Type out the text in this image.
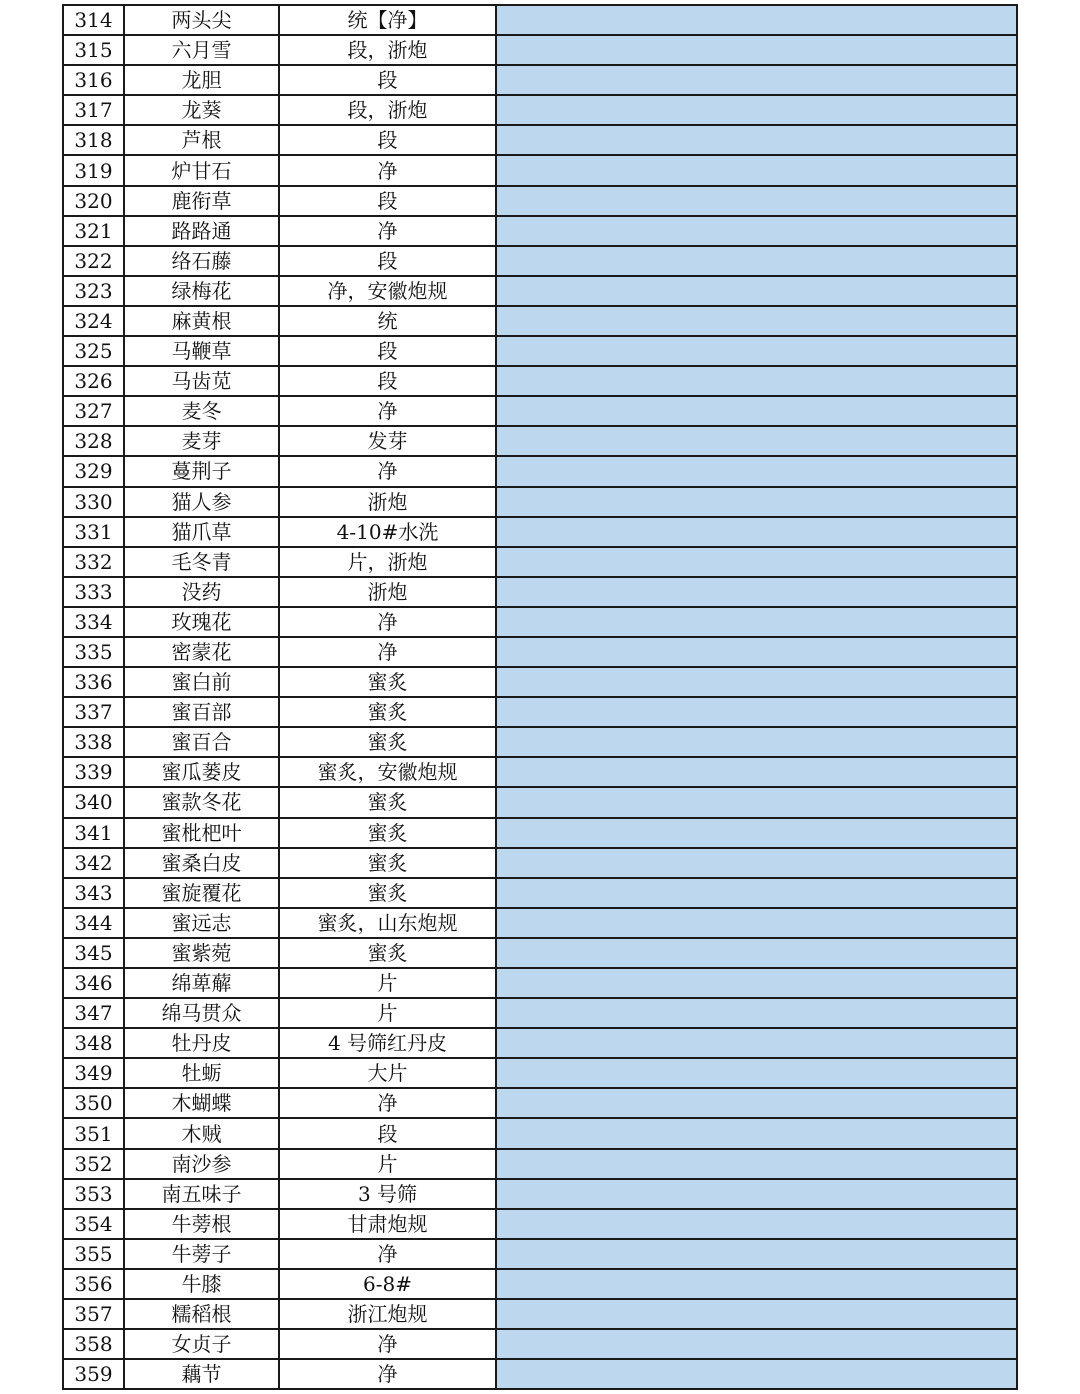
314	两头尖	统【净】	
315	六月雪	段，浙炮	
316	龙胆	段	
317	龙葵	段，浙炮	
318	芦根	段	
319	炉甘石	净	
320	鹿衔草	段	
321	路路通	净	
322	络石藤	段	
323	绿梅花	净，安徽炮规	
324	麻黄根	统	
325	马鞭草	段	
326	马齿苋	段	
327	麦冬	净	
328	麦芽	发芽	
329	蔓荆子	净	
330	猫人参	浙炮	
331	猫爪草	4-10#水洗	
332	毛冬青	片，浙炮	
333	没药	浙炮	
334	玫瑰花	净	
335	密蒙花	净	
336	蜜白前	蜜炙	
337	蜜百部	蜜炙	
338	蜜百合	蜜炙	
339	蜜瓜蒌皮	蜜炙，安徽炮规	
340	蜜款冬花	蜜炙	
341	蜜枇杷叶	蜜炙	
342	蜜桑白皮	蜜炙	
343	蜜旋覆花	蜜炙	
344	蜜远志	蜜炙，山东炮规	
345	蜜紫菀	蜜炙	
346	绵萆薢	片	
347	绵马贯众	片	
348	牡丹皮	4 号筛红丹皮	
349	牡蛎	大片	
350	木蝴蝶	净	
351	木贼	段	
352	南沙参	片	
353	南五味子	3 号筛	
354	牛蒡根	甘肃炮规	
355	牛蒡子	净	
356	牛膝	6-8#	
357	糯稻根	浙江炮规	
358	女贞子	净	
359	藕节	净	
